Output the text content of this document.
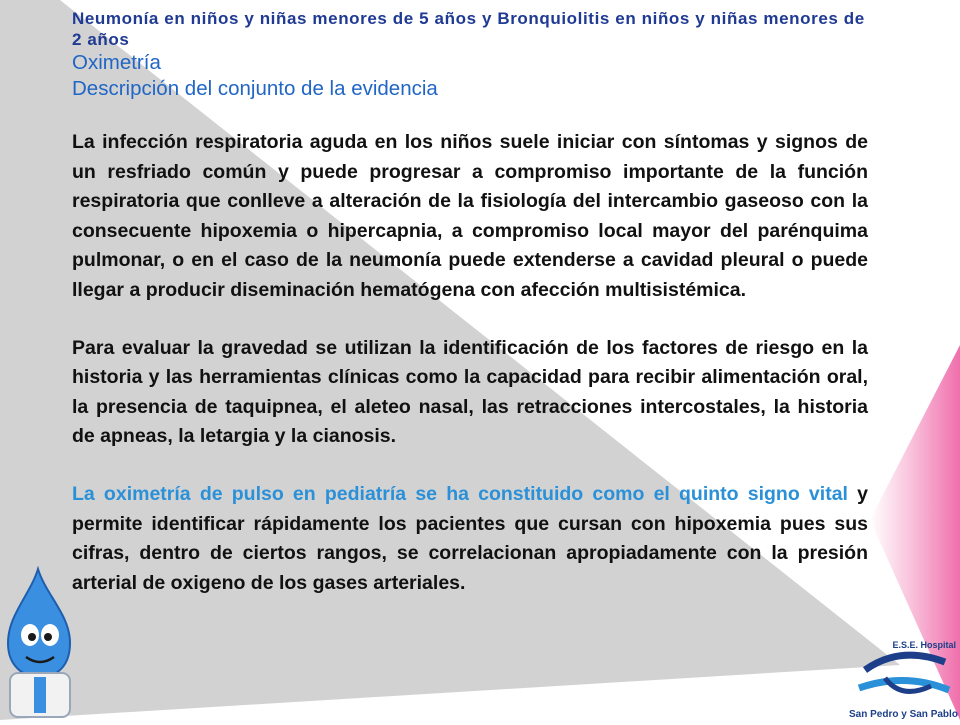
Neumonía en niños y niñas menores de 5 años y Bronquiolitis en niños y niñas menores de 2 años

Oximetría

Descripción del conjunto de la evidencia

La infección respiratoria aguda en los niños suele iniciar con síntomas y signos de un resfriado común y puede progresar a compromiso importante de la función respiratoria que conlleve a alteración de la fisiología del intercambio gaseoso con la consecuente hipoxemia o hipercapnia, a compromiso local mayor del parénquima pulmonar, o en el caso de la neumonía puede extenderse a cavidad pleural o puede llegar a producir diseminación hematógena con afección multisistémica.

Para evaluar la gravedad se utilizan la identificación de los factores de riesgo en la historia y las herramientas clínicas como la capacidad para recibir alimentación oral, la presencia de taquipnea, el aleteo nasal, las retracciones intercostales, la historia de apneas, la letargia y la cianosis.

La oximetría de pulso en pediatría se ha constituido como el quinto signo vital y permite identificar rápidamente los pacientes que cursan con hipoxemia pues sus cifras, dentro de ciertos rangos, se correlacionan apropiadamente con la presión arterial de oxigeno de los gases arteriales.

E.S.E. Hospital
San Pedro y San Pablo
